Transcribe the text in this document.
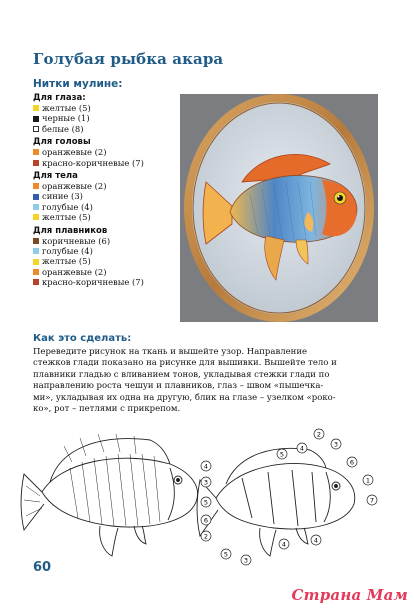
Голубая рыбка акара
Нитки мулине:
Для глаза:
желтые (5)
черные (1)
белые (8)
Для головы
оранжевые (2)
красно-коричневые (7)
Для тела
оранжевые (2)
синие (3)
голубые (4)
желтые (5)
Для плавников
коричневые (6)
голубые (4)
желтые (5)
оранжевые (2)
красно-коричневые (7)
Как это сделать:
Переведите рисунок на ткань и вышейте узор. Направление
стежков глади показано на рисунке для вышивки. Вышейте тело и
плавники гладью с вливанием тонов, укладывая стежки глади по
направлению роста чешуи и плавников, глаз – швом «пышечка-
ми», укладывая их одна на другую, блик на глазе – узелком «роко-
ко», рот – петлями с прикрепом.
2
3
4
5
6
1
7
4
3
5
6
2
5
3
4	4
60
Страна Мам
